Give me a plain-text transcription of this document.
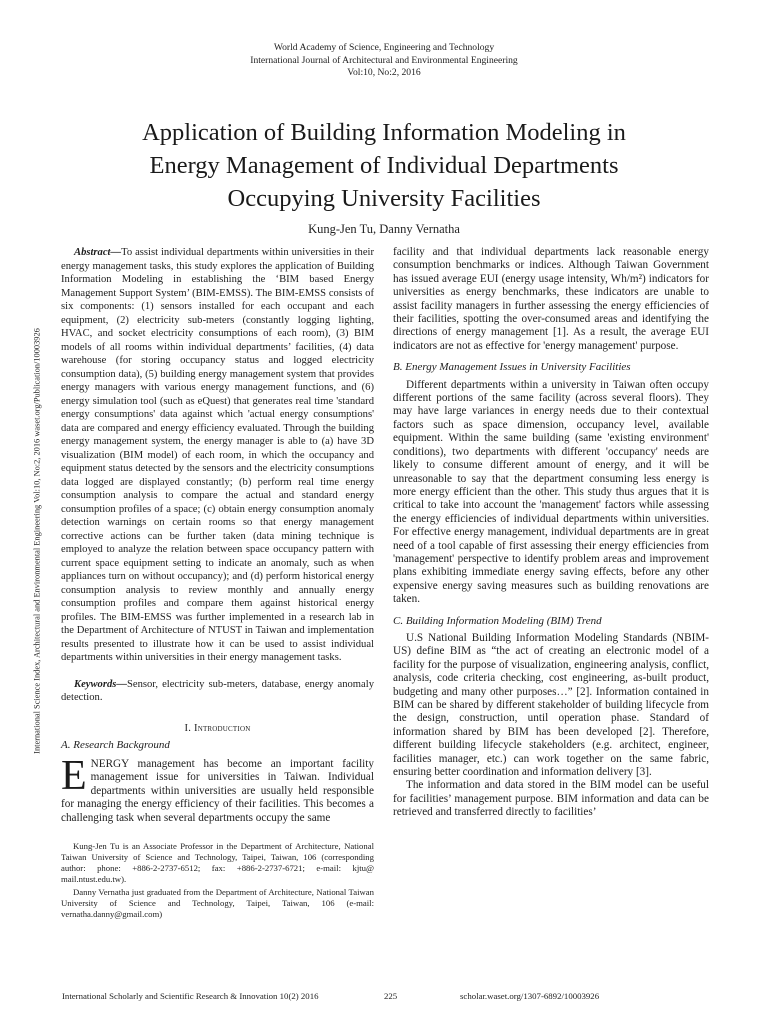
World Academy of Science, Engineering and Technology
International Journal of Architectural and Environmental Engineering
Vol:10, No:2, 2016
Application of Building Information Modeling in
Energy Management of Individual Departments
Occupying University Facilities
Kung-Jen Tu, Danny Vernatha
International Science Index, Architectural and Environmental Engineering Vol:10, No:2, 2016 waset.org/Publication/10003926

Abstract—To assist individual departments within universities in their energy management tasks, this study explores the application of Building Information Modeling in establishing the ‘BIM based Energy Management Support System’ (BIM-EMSS). The BIM-EMSS consists of six components: (1) sensors installed for each occupant and each equipment, (2) electricity sub-meters (constantly logging lighting, HVAC, and socket electricity consumptions of each room), (3) BIM models of all rooms within individual departments’ facilities, (4) data warehouse (for storing occupancy status and logged electricity consumption data), (5) building energy management system that provides energy managers with various energy management functions, and (6) energy simulation tool (such as eQuest) that generates real time 'standard energy consumptions' data against which 'actual energy consumptions' data are compared and energy efficiency evaluated. Through the building energy management system, the energy manager is able to (a) have 3D visualization (BIM model) of each room, in which the occupancy and equipment status detected by the sensors and the electricity consumptions data logged are displayed constantly; (b) perform real time energy consumption analysis to compare the actual and standard energy consumption profiles of a space; (c) obtain energy consumption anomaly detection warnings on certain rooms so that energy management corrective actions can be further taken (data mining technique is employed to analyze the relation between space occupancy pattern with current space equipment setting to indicate an anomaly, such as when appliances turn on without occupancy); and (d) perform historical energy consumption analysis to review monthly and annually energy consumption profiles and compare them against historical energy profiles. The BIM-EMSS was further implemented in a research lab in the Department of Architecture of NTUST in Taiwan and implementation results presented to illustrate how it can be used to assist individual departments within universities in their energy management tasks.

Keywords—Sensor, electricity sub-meters, database, energy anomaly detection.

I. Introduction
A. Research Background

ENERGY management has become an important facility management issue for universities in Taiwan. Individual departments within universities are usually held responsible for managing the energy efficiency of their facilities. This becomes a challenging task when several departments occupy the same

Kung-Jen Tu is an Associate Professor in the Department of Architecture, National Taiwan University of Science and Technology, Taipei, Taiwan, 106 (corresponding author: phone: +886-2-2737-6512; fax: +886-2-2737-6721; e-mail: kjtu@ mail.ntust.edu.tw).

Danny Vernatha just graduated from the Department of Architecture, National Taiwan University of Science and Technology, Taipei, Taiwan, 106 (e-mail: vernatha.danny@gmail.com)

facility and that individual departments lack reasonable energy consumption benchmarks or indices. Although Taiwan Government has issued average EUI (energy usage intensity, Wh/m²) indicators for universities as energy benchmarks, these indicators are unable to assist facility managers in further assessing the energy efficiencies of their facilities, spotting the over-consumed areas and identifying the directions of energy management [1]. As a result, the average EUI indicators are not as effective for 'energy management' purpose.

B. Energy Management Issues in University Facilities

Different departments within a university in Taiwan often occupy different portions of the same facility (across several floors). They may have large variances in energy needs due to their contextual factors such as space dimension, occupancy level, available equipment. Within the same building (same 'existing environment' conditions), two departments with different 'occupancy' needs are likely to consume different amount of energy, and it will be unreasonable to say that the department consuming less energy is more energy efficient than the other. This study thus argues that it is critical to take into account the 'management' factors while assessing the energy efficiencies of individual departments within universities. For effective energy management, individual departments are in great need of a tool capable of first assessing their energy efficiencies from 'management' perspective to identify problem areas and improvement plans exhibiting immediate energy saving effects, before any other expensive energy saving measures such as building renovations are taken.

C. Building Information Modeling (BIM) Trend

U.S National Building Information Modeling Standards (NBIM-US) define BIM as “the act of creating an electronic model of a facility for the purpose of visualization, engineering analysis, conflict, analysis, code criteria checking, cost engineering, as-built product, budgeting and many other purposes…” [2]. Information contained in BIM can be shared by different stakeholder of building lifecycle from the design, construction, until operation phase. Standard of information shared by BIM has been developed [2]. Therefore, different building lifecycle stakeholders (e.g. architect, engineer, facilities manager, etc.) can work together on the same fabric, ensuring better coordination and information delivery [3].

The information and data stored in the BIM model can be useful for facilities’ management purpose. BIM information and data can be retrieved and transferred directly to facilities’

International Scholarly and Scientific Research & Innovation 10(2) 2016	225	scholar.waset.org/1307-6892/10003926
